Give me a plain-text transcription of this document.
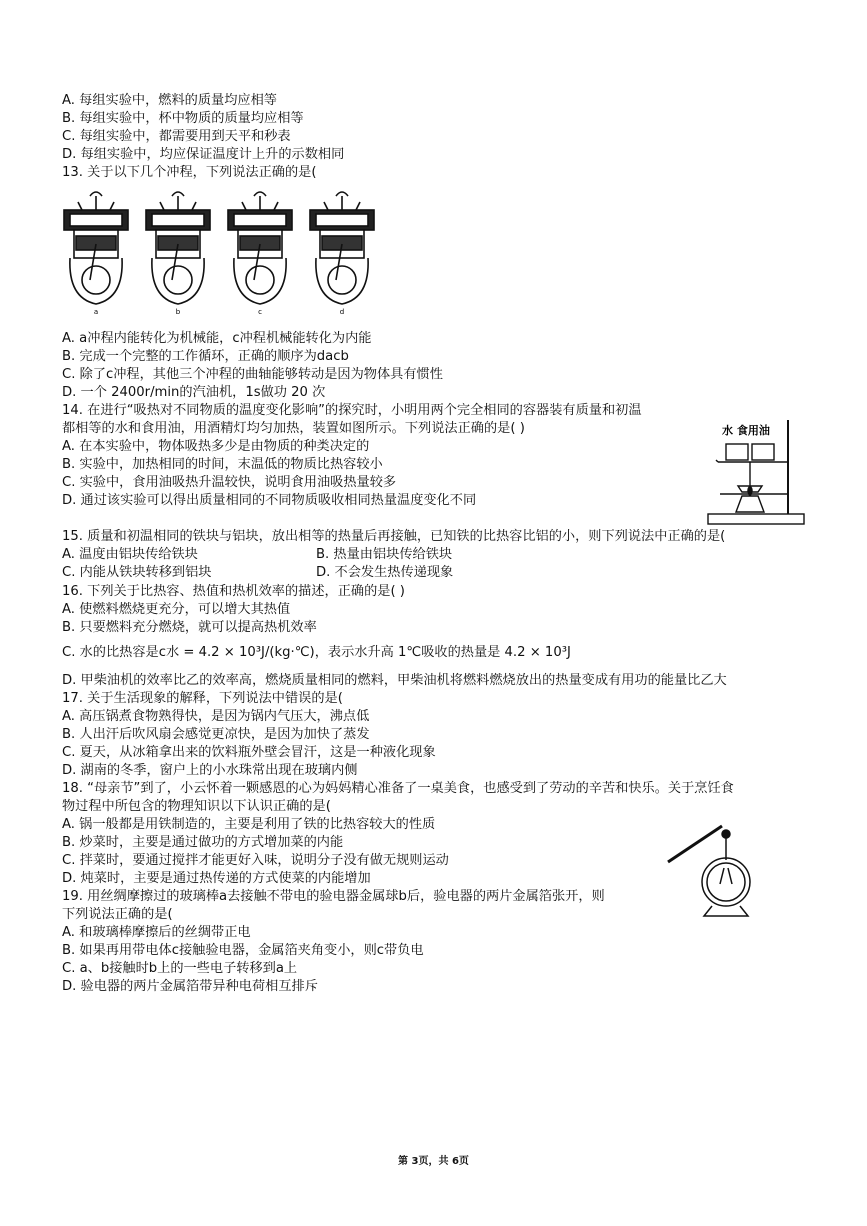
A. 每组实验中，燃料的质量均应相等
B. 每组实验中，杯中物质的质量均应相等
C. 每组实验中，都需要用到天平和秒表
D. 每组实验中，均应保证温度计上升的示数相同
13. 关于以下几个冲程，下列说法正确的是(
a	b	c	d
A. a冲程内能转化为机械能，c冲程机械能转化为内能
B. 完成一个完整的工作循环，正确的顺序为dacb
C. 除了c冲程，其他三个冲程的曲轴能够转动是因为物体具有惯性
D. 一个 2400r/min的汽油机，1s做功 20 次
14. 在进行“吸热对不同物质的温度变化影响”的探究时，小明用两个完全相同的容器装有质量和初温
都相等的水和食用油，用酒精灯均匀加热，装置如图所示。下列说法正确的是( )
A. 在本实验中，物体吸热多少是由物质的种类决定的
B. 实验中，加热相同的时间，末温低的物质比热容较小
C. 实验中，食用油吸热升温较快，说明食用油吸热量较多
D. 通过该实验可以得出质量相同的不同物质吸收相同热量温度变化不同
水 食用油
15. 质量和初温相同的铁块与铝块，放出相等的热量后再接触，已知铁的比热容比铝的小，则下列说法中正确的是(
A. 温度由铝块传给铁块	B. 热量由铝块传给铁块
C. 内能从铁块转移到铝块	D. 不会发生热传递现象
16. 下列关于比热容、热值和热机效率的描述，正确的是( )
A. 使燃料燃烧更充分，可以增大其热值
B. 只要燃料充分燃烧，就可以提高热机效率
C. 水的比热容是c水 = 4.2 × 10³J/(kg·℃)，表示水升高 1℃吸收的热量是 4.2 × 10³J
D. 甲柴油机的效率比乙的效率高，燃烧质量相同的燃料，甲柴油机将燃料燃烧放出的热量变成有用功的能量比乙大
17. 关于生活现象的解释，下列说法中错误的是(
A. 高压锅煮食物熟得快，是因为锅内气压大，沸点低
B. 人出汗后吹风扇会感觉更凉快，是因为加快了蒸发
C. 夏天，从冰箱拿出来的饮料瓶外壁会冒汗，这是一种液化现象
D. 湖南的冬季，窗户上的小水珠常出现在玻璃内侧
18. “母亲节”到了，小云怀着一颗感恩的心为妈妈精心准备了一桌美食，也感受到了劳动的辛苦和快乐。关于烹饪食
物过程中所包含的物理知识以下认识正确的是(
A. 锅一般都是用铁制造的，主要是利用了铁的比热容较大的性质
B. 炒菜时，主要是通过做功的方式增加菜的内能
C. 拌菜时，要通过搅拌才能更好入味，说明分子没有做无规则运动
D. 炖菜时，主要是通过热传递的方式使菜的内能增加
19. 用丝绸摩擦过的玻璃棒a去接触不带电的验电器金属球b后，验电器的两片金属箔张开，则
下列说法正确的是(
A. 和玻璃棒摩擦后的丝绸带正电
B. 如果再用带电体c接触验电器，金属箔夹角变小，则c带负电
C. a、b接触时b上的一些电子转移到a上
D. 验电器的两片金属箔带异种电荷相互排斥
第 3页，共 6页
